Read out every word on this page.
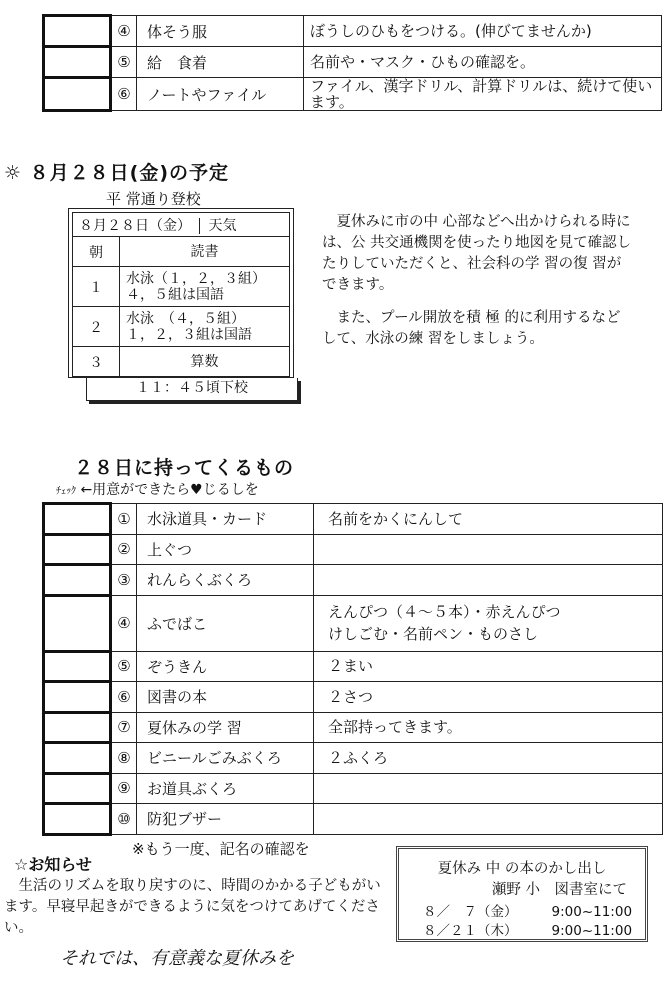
	④	体そう服	ぼうしのひもをつける。(伸びてませんか)
	⑤	給　食着	名前や・マスク・ひもの確認を。
	⑥	ノートやファイル	ファイル、漢字ドリル、計算ドリルは、続けて使います。
☼ ８月２８日(金)の予定
平 常通り登校
１１：４５頃下校
８月２８日（金） 天気	
朝	読書
１	水泳（１，２，３組）
４，５組は国語
２	水泳　（４，５組）
１，２，３組は国語
３	算数
夏休みに市の中 心部などへ出かけられる時には、公 共交通機関を使ったり地図を見て確認したりしていただくと、社会科の学 習の復 習ができます。
また、プール開放を積 極 的に利用するなどして、水泳の練 習をしましょう。
２８日に持ってくるもの
ﾁｪｯｸ ←用意ができたら♥じるしを
	①	水泳道具・カード	名前をかくにんして
	②	上ぐつ	
	③	れんらくぶくろ	
	④	ふでばこ	えんぴつ（４～５本）・赤えんぴつ
けしごむ・名前ペン・ものさし
	⑤	ぞうきん	２まい
	⑥	図書の本	２さつ
	⑦	夏休みの学 習	全部持ってきます。
	⑧	ビニールごみぶくろ	２ふくろ
	⑨	お道具ぶくろ	
	⑩	防犯ブザー	
※もう一度、記名の確認を
☆お知らせ
生活のリズムを取り戻すのに、時間のかかる子どもがいます。早寝早起きができるように気をつけてあげてください。
それでは、有意義な夏休みを
夏休み 中 の本のかし出し
瀬野 小　図書室にて
８／　７（金）	9:00~11:00
８／２１（木）	9:00~11:00
